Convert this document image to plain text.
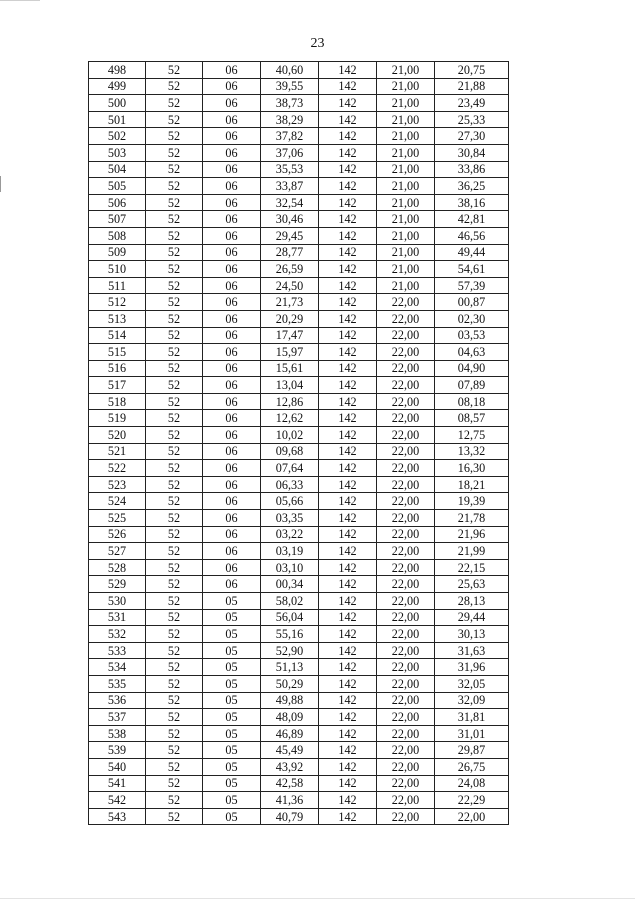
23
498	52	06	40,60	142	21,00	20,75
499	52	06	39,55	142	21,00	21,88
500	52	06	38,73	142	21,00	23,49
501	52	06	38,29	142	21,00	25,33
502	52	06	37,82	142	21,00	27,30
503	52	06	37,06	142	21,00	30,84
504	52	06	35,53	142	21,00	33,86
505	52	06	33,87	142	21,00	36,25
506	52	06	32,54	142	21,00	38,16
507	52	06	30,46	142	21,00	42,81
508	52	06	29,45	142	21,00	46,56
509	52	06	28,77	142	21,00	49,44
510	52	06	26,59	142	21,00	54,61
511	52	06	24,50	142	21,00	57,39
512	52	06	21,73	142	22,00	00,87
513	52	06	20,29	142	22,00	02,30
514	52	06	17,47	142	22,00	03,53
515	52	06	15,97	142	22,00	04,63
516	52	06	15,61	142	22,00	04,90
517	52	06	13,04	142	22,00	07,89
518	52	06	12,86	142	22,00	08,18
519	52	06	12,62	142	22,00	08,57
520	52	06	10,02	142	22,00	12,75
521	52	06	09,68	142	22,00	13,32
522	52	06	07,64	142	22,00	16,30
523	52	06	06,33	142	22,00	18,21
524	52	06	05,66	142	22,00	19,39
525	52	06	03,35	142	22,00	21,78
526	52	06	03,22	142	22,00	21,96
527	52	06	03,19	142	22,00	21,99
528	52	06	03,10	142	22,00	22,15
529	52	06	00,34	142	22,00	25,63
530	52	05	58,02	142	22,00	28,13
531	52	05	56,04	142	22,00	29,44
532	52	05	55,16	142	22,00	30,13
533	52	05	52,90	142	22,00	31,63
534	52	05	51,13	142	22,00	31,96
535	52	05	50,29	142	22,00	32,05
536	52	05	49,88	142	22,00	32,09
537	52	05	48,09	142	22,00	31,81
538	52	05	46,89	142	22,00	31,01
539	52	05	45,49	142	22,00	29,87
540	52	05	43,92	142	22,00	26,75
541	52	05	42,58	142	22,00	24,08
542	52	05	41,36	142	22,00	22,29
543	52	05	40,79	142	22,00	22,00
